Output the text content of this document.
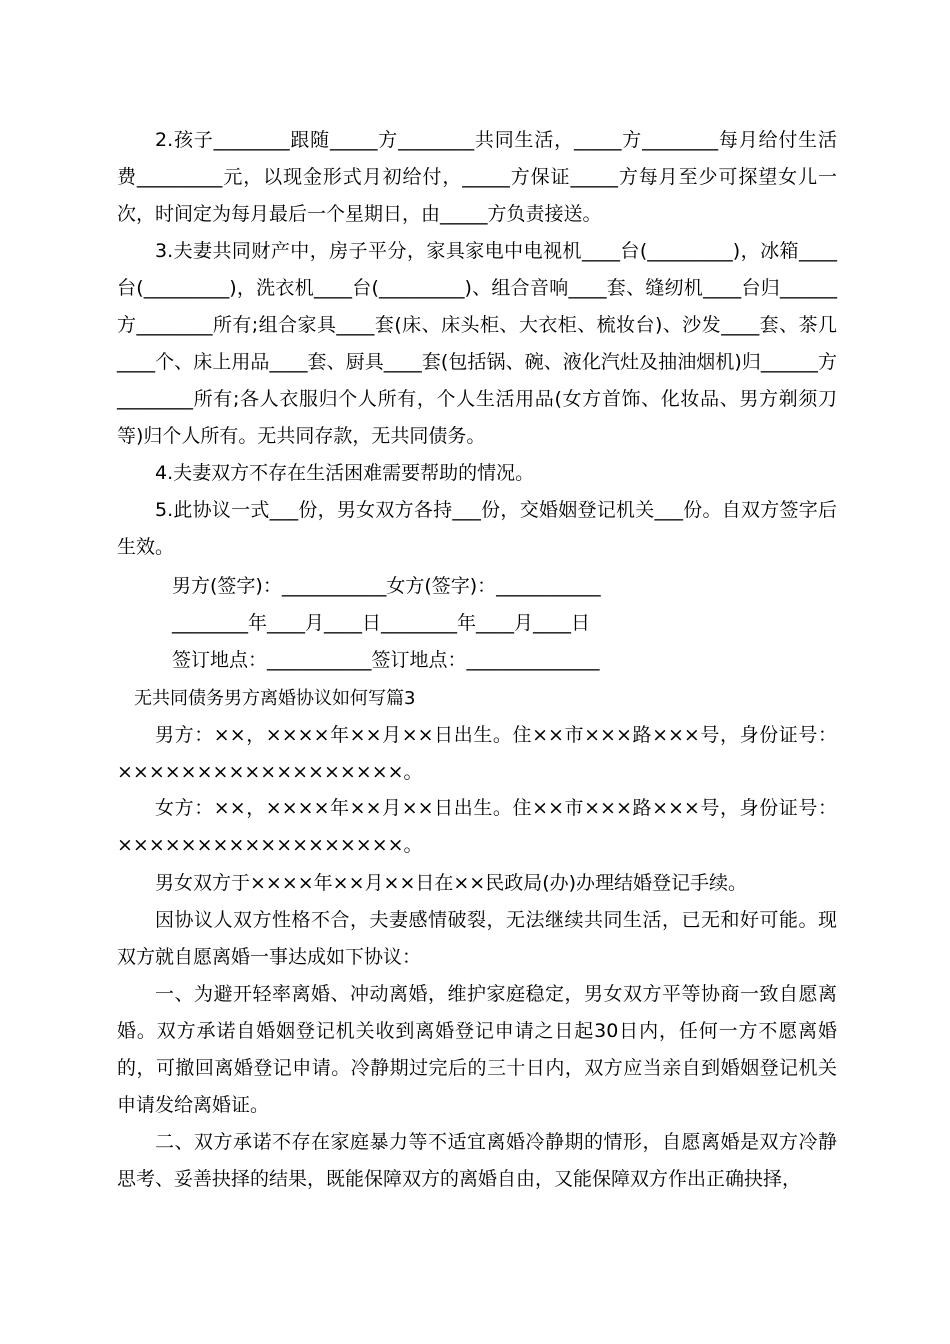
2.孩子________跟随_____方________共同生活，_____方________每月给付生活费_________元，以现金形式月初给付，_____方保证_____方每月至少可探望女儿一次，时间定为每月最后一个星期日，由_____方负责接送。

3.夫妻共同财产中，房子平分，家具家电中电视机____台(_________)，冰箱____台(_________)，洗衣机____台(_________)、组合音响____套、缝纫机____台归______方________所有;组合家具____套(床、床头柜、大衣柜、梳妆台)、沙发____套、茶几____个、床上用品____套、厨具____套(包括锅、碗、液化汽灶及抽油烟机)归______方________所有;各人衣服归个人所有，个人生活用品(女方首饰、化妆品、男方剃须刀等)归个人所有。无共同存款，无共同债务。

4.夫妻双方不存在生活困难需要帮助的情况。

5.此协议一式___份，男女双方各持___份，交婚姻登记机关___份。自双方签字后生效。

男方(签字)：___________女方(签字)：___________

________年____月____日________年____月____日

签订地点：___________签订地点：______________

无共同债务男方离婚协议如何写篇3

男方：××，××××年××月××日出生。住××市×××路×××号，身份证号：××××××××××××××××××。

女方：××，××××年××月××日出生。住××市×××路×××号，身份证号：××××××××××××××××××。

男女双方于××××年××月××日在××民政局(办)办理结婚登记手续。

因协议人双方性格不合，夫妻感情破裂，无法继续共同生活，已无和好可能。现双方就自愿离婚一事达成如下协议：

一、为避开轻率离婚、冲动离婚，维护家庭稳定，男女双方平等协商一致自愿离婚。双方承诺自婚姻登记机关收到离婚登记申请之日起30日内，任何一方不愿离婚的，可撤回离婚登记申请。冷静期过完后的三十日内，双方应当亲自到婚姻登记机关申请发给离婚证。

二、双方承诺不存在家庭暴力等不适宜离婚冷静期的情形，自愿离婚是双方冷静思考、妥善抉择的结果，既能保障双方的离婚自由，又能保障双方作出正确抉择，
